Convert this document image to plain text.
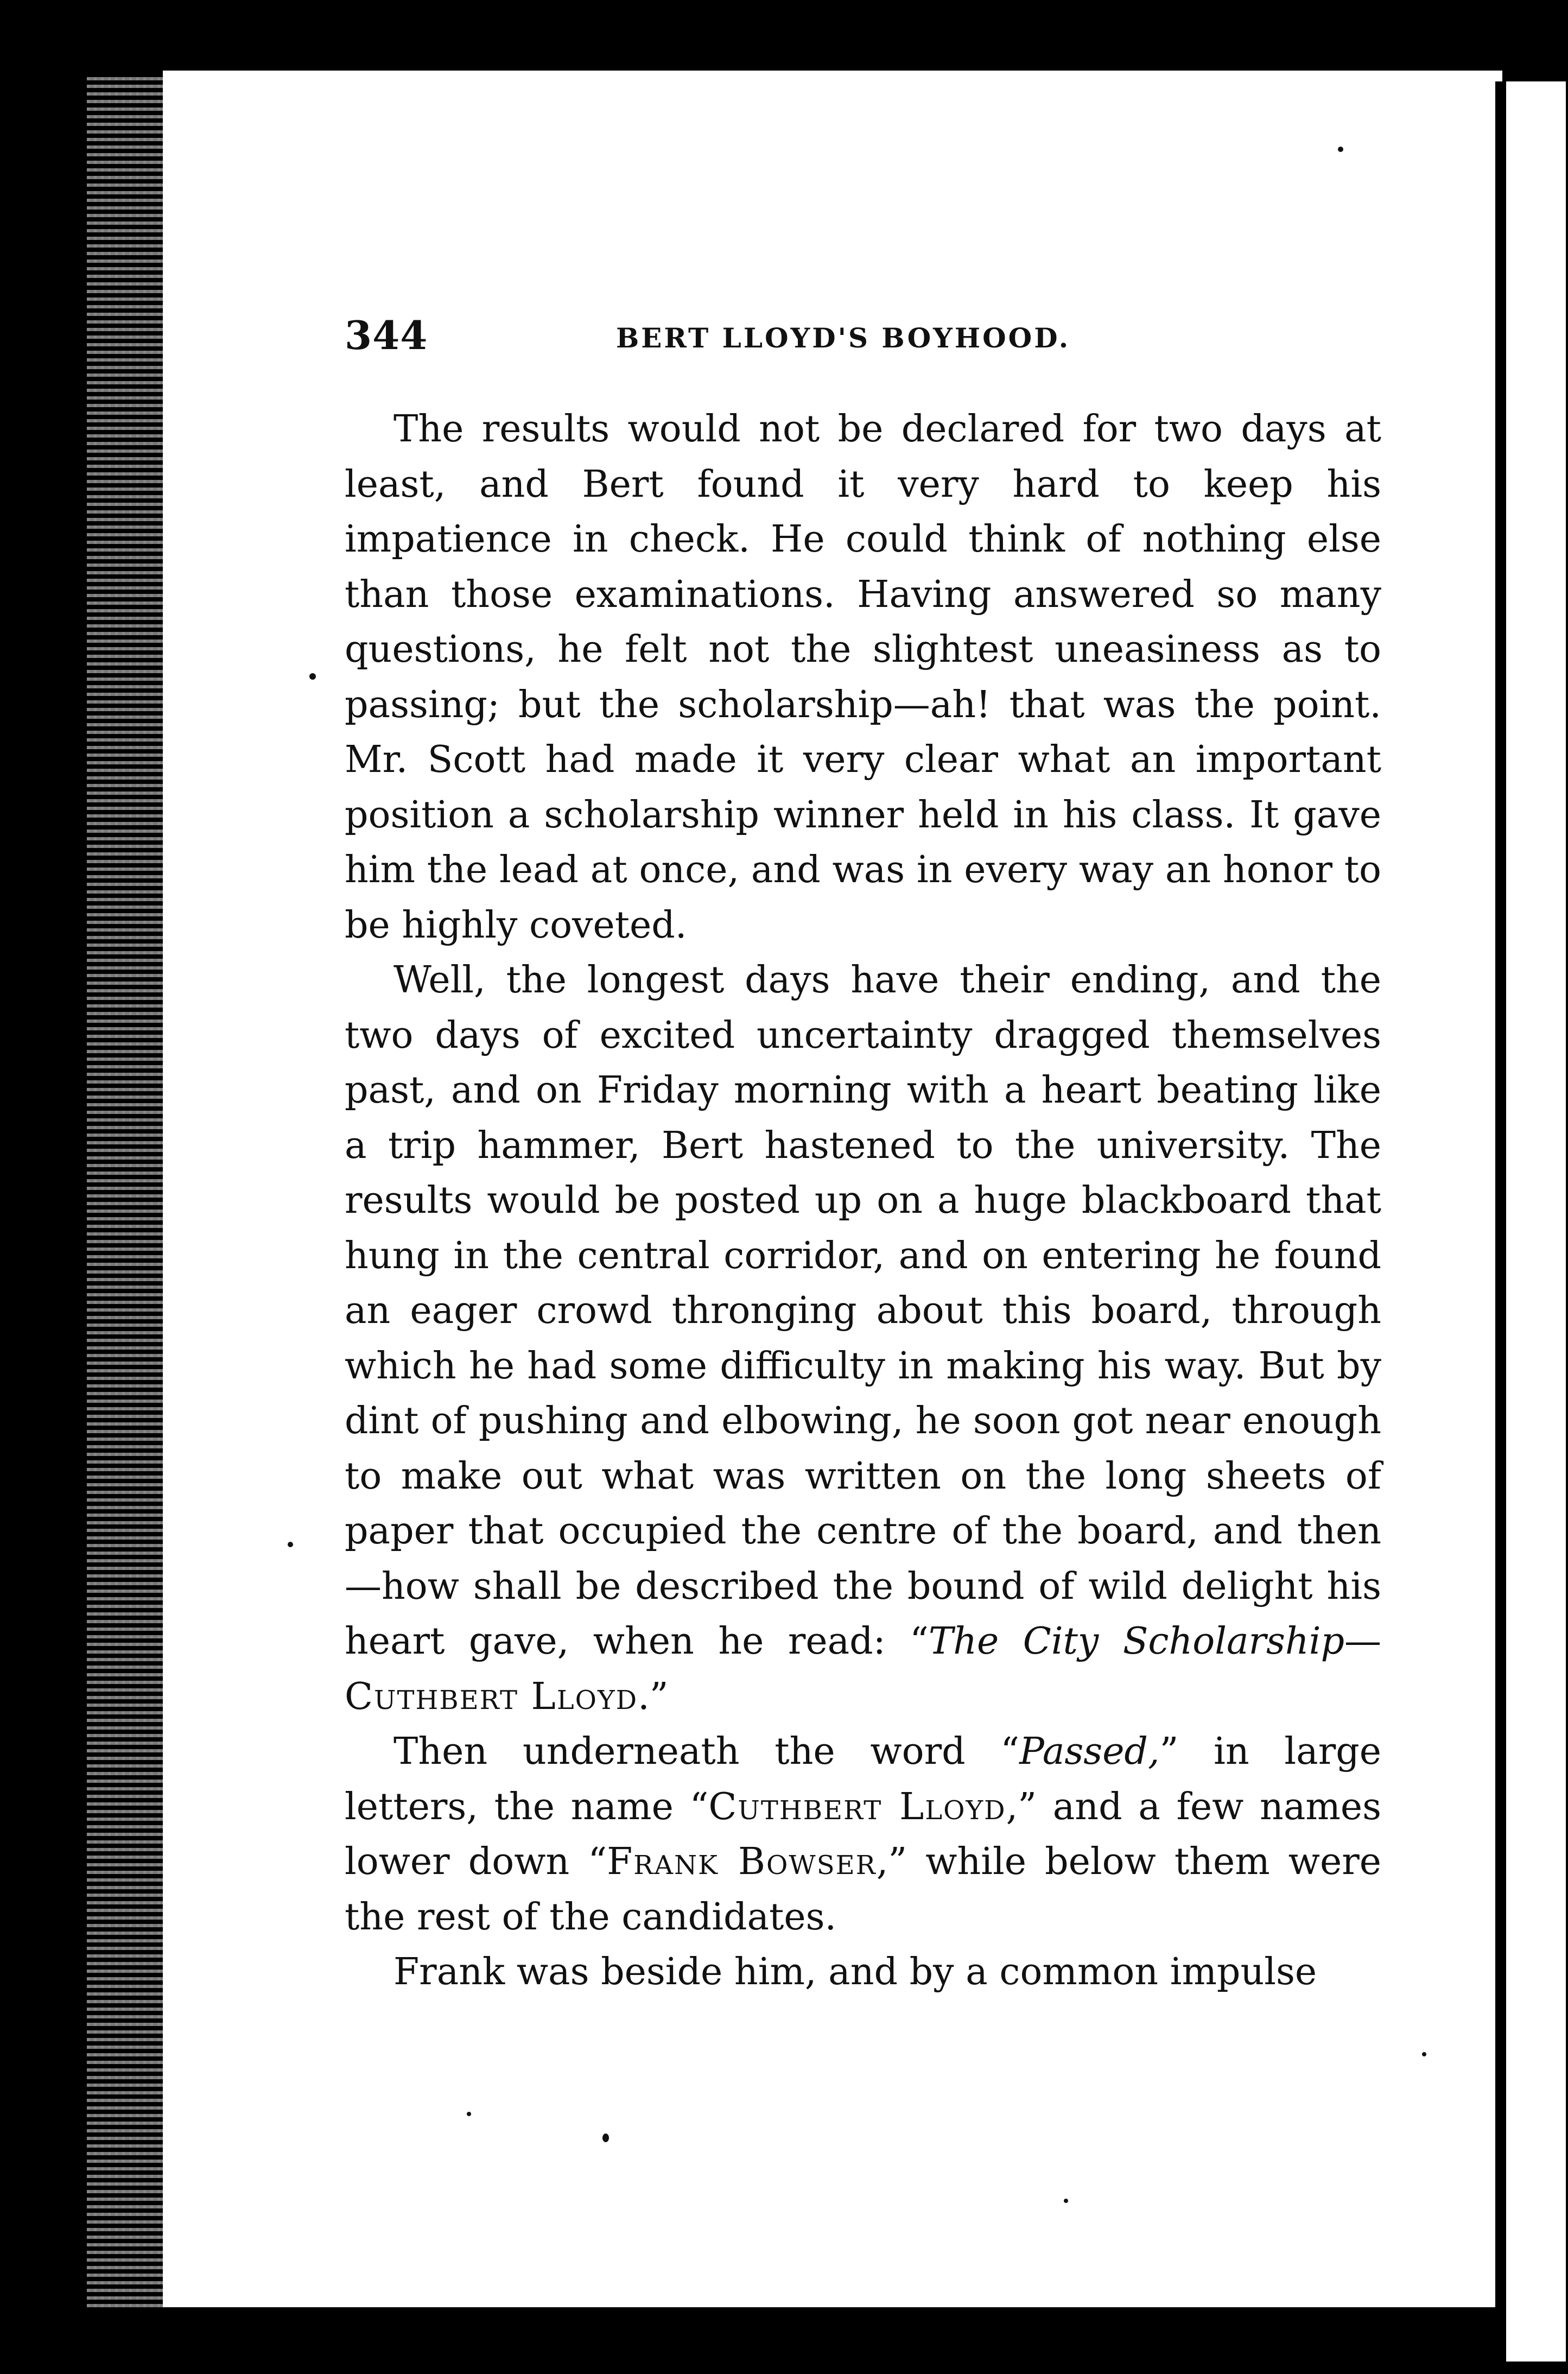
344	BERT LLOYD'S BOYHOOD.

The results would not be declared for two days at least, and Bert found it very hard to keep his impatience in check. He could think of nothing else than those examinations. Having answered so many questions, he felt not the slightest uneasiness as to passing; but the scholarship—ah! that was the point. Mr. Scott had made it very clear what an important position a scholarship winner held in his class. It gave him the lead at once, and was in every way an honor to be highly coveted.

Well, the longest days have their ending, and the two days of excited uncertainty dragged themselves past, and on Friday morning with a heart beating like a trip hammer, Bert hastened to the university. The results would be posted up on a huge blackboard that hung in the central corridor, and on entering he found an eager crowd thronging about this board, through which he had some difficulty in making his way. But by dint of pushing and elbowing, he soon got near enough to make out what was written on the long sheets of paper that occupied the centre of the board, and then—how shall be described the bound of wild delight his heart gave, when he read: “The City Scholarship—Cuthbert Lloyd.”

Then underneath the word “Passed,” in large letters, the name “Cuthbert Lloyd,” and a few names lower down “Frank Bowser,” while below them were the rest of the candidates.

Frank was beside him, and by a common impulse
